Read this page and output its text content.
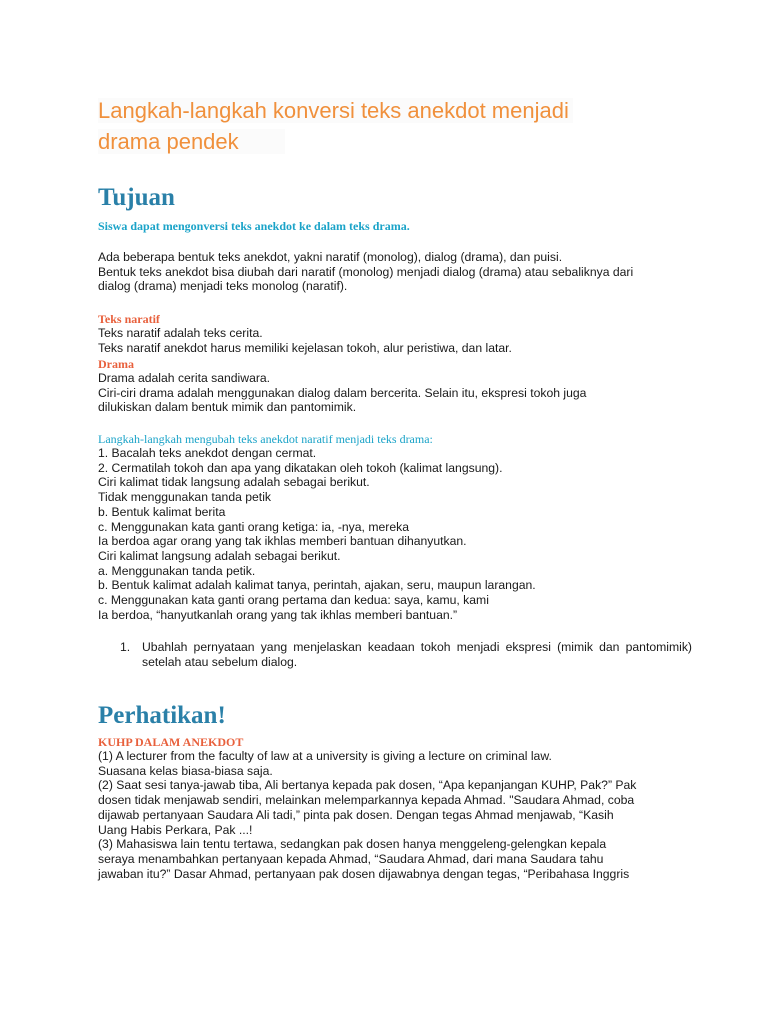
Langkah-langkah konversi teks anekdot menjadi
drama pendek
Tujuan
Siswa dapat mengonversi teks anekdot ke dalam teks drama.
Ada beberapa bentuk teks anekdot, yakni naratif (monolog), dialog (drama), dan puisi.
Bentuk teks anekdot bisa diubah dari naratif (monolog) menjadi dialog (drama) atau sebaliknya dari
dialog (drama) menjadi teks monolog (naratif).
Teks naratif
Teks naratif adalah teks cerita.
Teks naratif anekdot harus memiliki kejelasan tokoh, alur peristiwa, dan latar.
Drama
Drama adalah cerita sandiwara.
Ciri-ciri drama adalah menggunakan dialog dalam bercerita. Selain itu, ekspresi tokoh juga
dilukiskan dalam bentuk mimik dan pantomimik.
Langkah-langkah mengubah teks anekdot naratif menjadi teks drama:
1. Bacalah teks anekdot dengan cermat.
2. Cermatilah tokoh dan apa yang dikatakan oleh tokoh (kalimat langsung).
Ciri kalimat tidak langsung adalah sebagai berikut.
Tidak menggunakan tanda petik
b. Bentuk kalimat berita
c. Menggunakan kata ganti orang ketiga: ia, -nya, mereka
Ia berdoa agar orang yang tak ikhlas memberi bantuan dihanyutkan.
Ciri kalimat langsung adalah sebagai berikut.
a. Menggunakan tanda petik.
b. Bentuk kalimat adalah kalimat tanya, perintah, ajakan, seru, maupun larangan.
c. Menggunakan kata ganti orang pertama dan kedua: saya, kamu, kami
Ia berdoa, “hanyutkanlah orang yang tak ikhlas memberi bantuan.”
1. Ubahlah pernyataan yang menjelaskan keadaan tokoh menjadi ekspresi (mimik dan pantomimik) setelah atau sebelum dialog.
Perhatikan!
KUHP DALAM ANEKDOT
(1) A lecturer from the faculty of law at a university is giving a lecture on criminal law.
Suasana kelas biasa-biasa saja.
(2) Saat sesi tanya-jawab tiba, Ali bertanya kepada pak dosen, “Apa kepanjangan KUHP, Pak?” Pak
dosen tidak menjawab sendiri, melainkan melemparkannya kepada Ahmad. "Saudara Ahmad, coba
dijawab pertanyaan Saudara Ali tadi,” pinta pak dosen. Dengan tegas Ahmad menjawab, “Kasih
Uang Habis Perkara, Pak ...!
(3) Mahasiswa lain tentu tertawa, sedangkan pak dosen hanya menggeleng-gelengkan kepala
seraya menambahkan pertanyaan kepada Ahmad, “Saudara Ahmad, dari mana Saudara tahu
jawaban itu?” Dasar Ahmad, pertanyaan pak dosen dijawabnya dengan tegas, “Peribahasa Inggris
